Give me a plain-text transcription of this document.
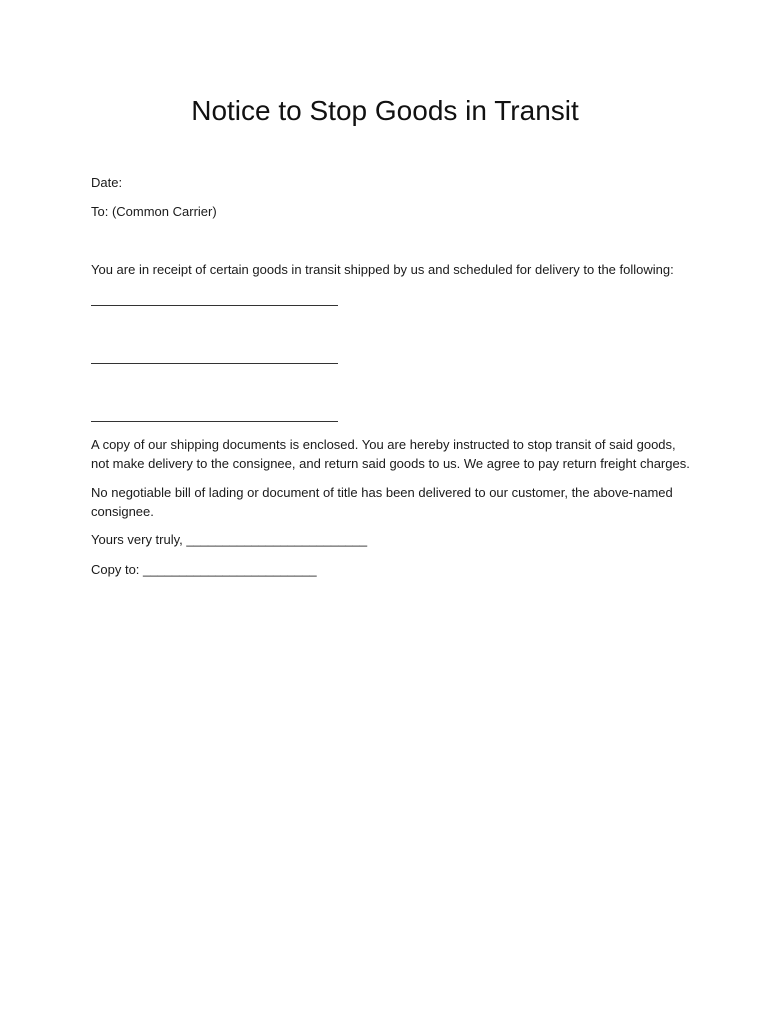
Notice to Stop Goods in Transit
Date:
To: (Common Carrier)
You are in receipt of certain goods in transit shipped by us and scheduled for delivery to the following:
A copy of our shipping documents is enclosed. You are hereby instructed to stop transit of said goods, not make delivery to the consignee, and return said goods to us. We agree to pay return freight charges.
No negotiable bill of lading or document of title has been delivered to our customer, the above-named consignee.
Yours very truly, _________________________
Copy to: ________________________
